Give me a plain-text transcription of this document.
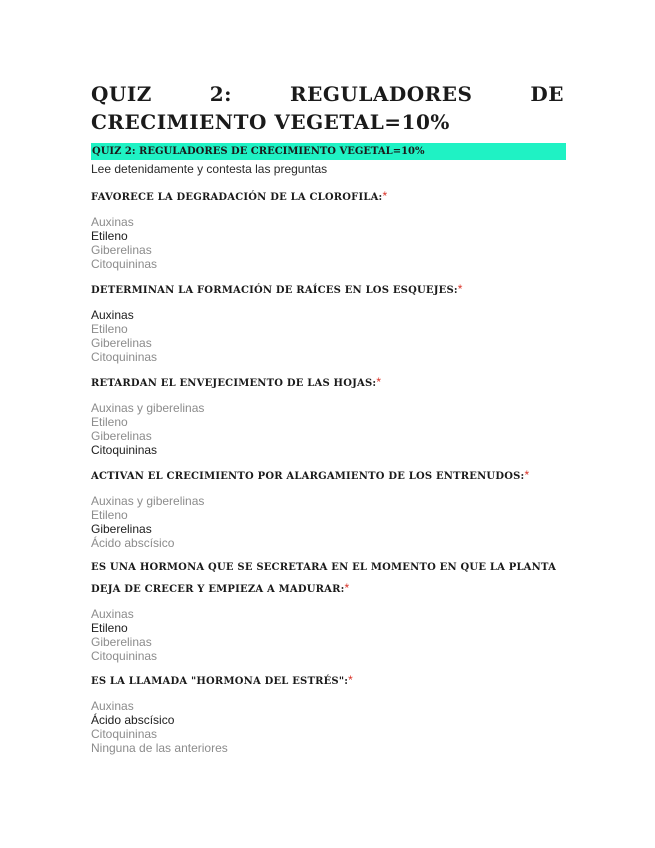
QUIZ 2: REGULADORES DE CRECIMIENTO VEGETAL=10%
QUIZ 2: REGULADORES DE CRECIMIENTO VEGETAL=10%
Lee detenidamente y contesta las preguntas
FAVORECE LA DEGRADACIÓN DE LA CLOROFILA:*
Auxinas
Etileno
Giberelinas
Citoquininas
DETERMINAN LA FORMACIÓN DE RAÍCES EN LOS ESQUEJES:*
Auxinas
Etileno
Giberelinas
Citoquininas
RETARDAN EL ENVEJECIMENTO DE LAS HOJAS:*
Auxinas y giberelinas
Etileno
Giberelinas
Citoquininas
ACTIVAN EL CRECIMIENTO POR ALARGAMIENTO DE LOS ENTRENUDOS:*
Auxinas y giberelinas
Etileno
Giberelinas
Ácido abscísico
ES UNA HORMONA QUE SE SECRETARA EN EL MOMENTO EN QUE LA PLANTA DEJA DE CRECER Y EMPIEZA A MADURAR:*
Auxinas
Etileno
Giberelinas
Citoquininas
ES LA LLAMADA "HORMONA DEL ESTRÉS":*
Auxinas
Ácido abscísico
Citoquininas
Ninguna de las anteriores
